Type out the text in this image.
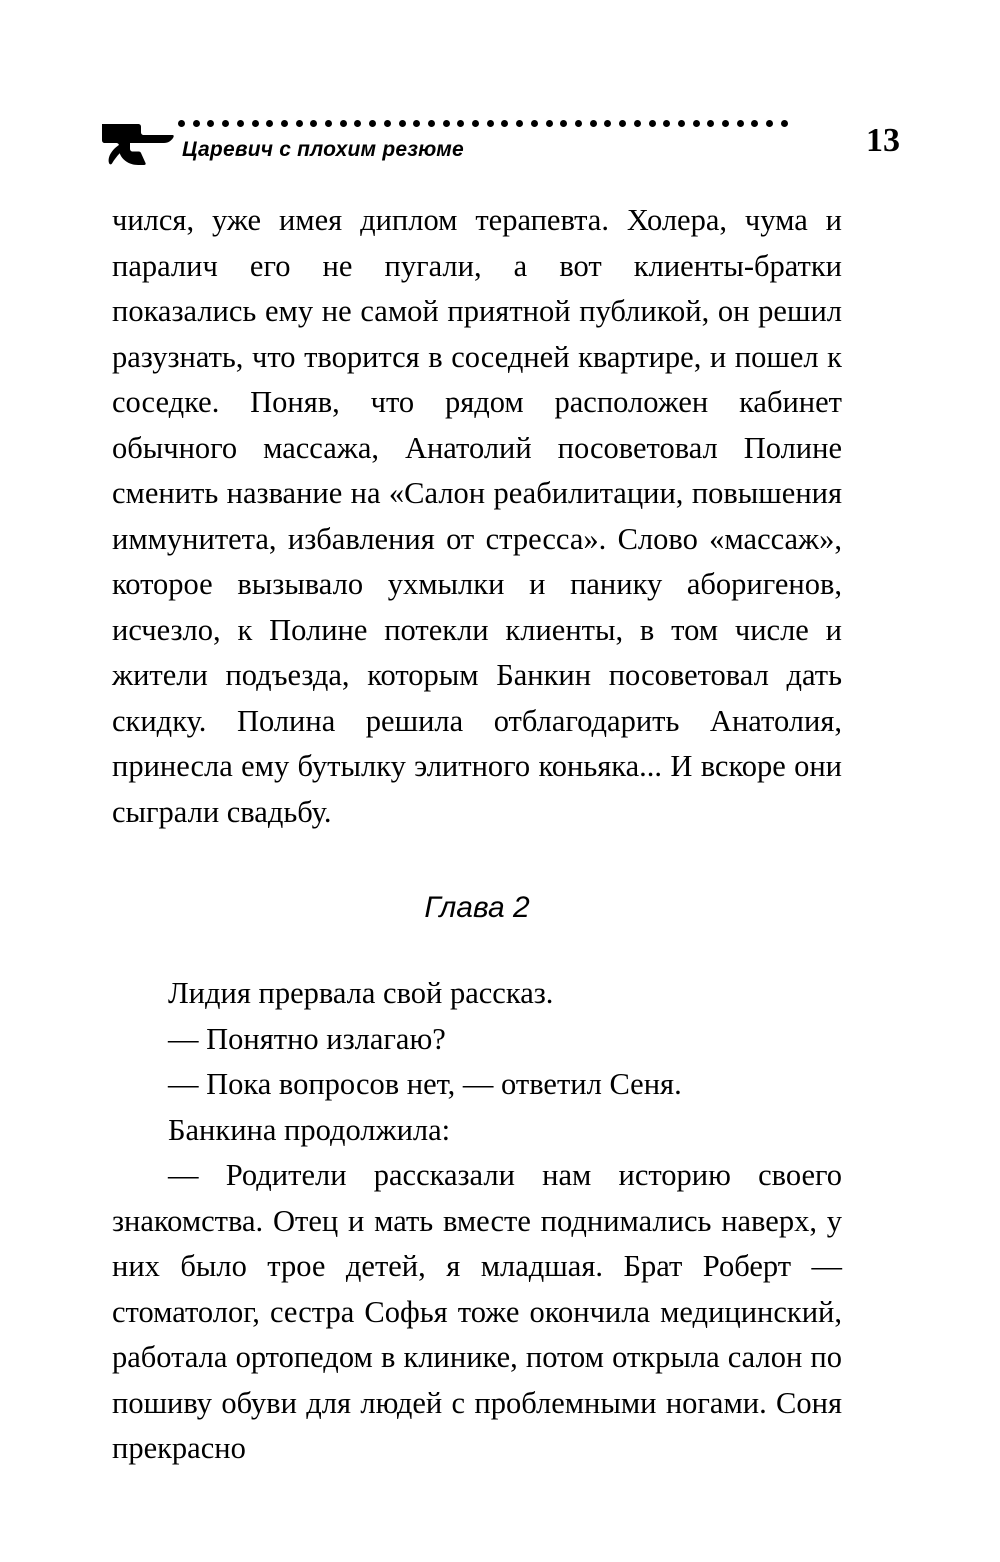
Царевич с плохим резюме	13

чился, уже имея диплом терапевта. Холера, чума и паралич его не пугали, а вот клиенты-братки показались ему не самой приятной публикой, он решил разузнать, что творится в соседней квартире, и пошел к соседке. Поняв, что рядом расположен кабинет обычного массажа, Анатолий посоветовал Полине сменить название на «Салон реабилитации, повышения иммунитета, избавления от стресса». Слово «массаж», которое вызывало ухмылки и панику аборигенов, исчезло, к Полине потекли клиенты, в том числе и жители подъезда, которым Банкин посоветовал дать скидку. Полина решила отблагодарить Анатолия, принесла ему бутылку элитного коньяка... И вскоре они сыграли свадьбу.

Глава 2

Лидия прервала свой рассказ.

— Понятно излагаю?

— Пока вопросов нет, — ответил Сеня.

Банкина продолжила:

— Родители рассказали нам историю своего знакомства. Отец и мать вместе поднимались наверх, у них было трое детей, я младшая. Брат Роберт — стоматолог, сестра Софья тоже окончила медицинский, работала ортопедом в клинике, потом открыла салон по пошиву обуви для людей с проблемными ногами. Соня прекрасно
